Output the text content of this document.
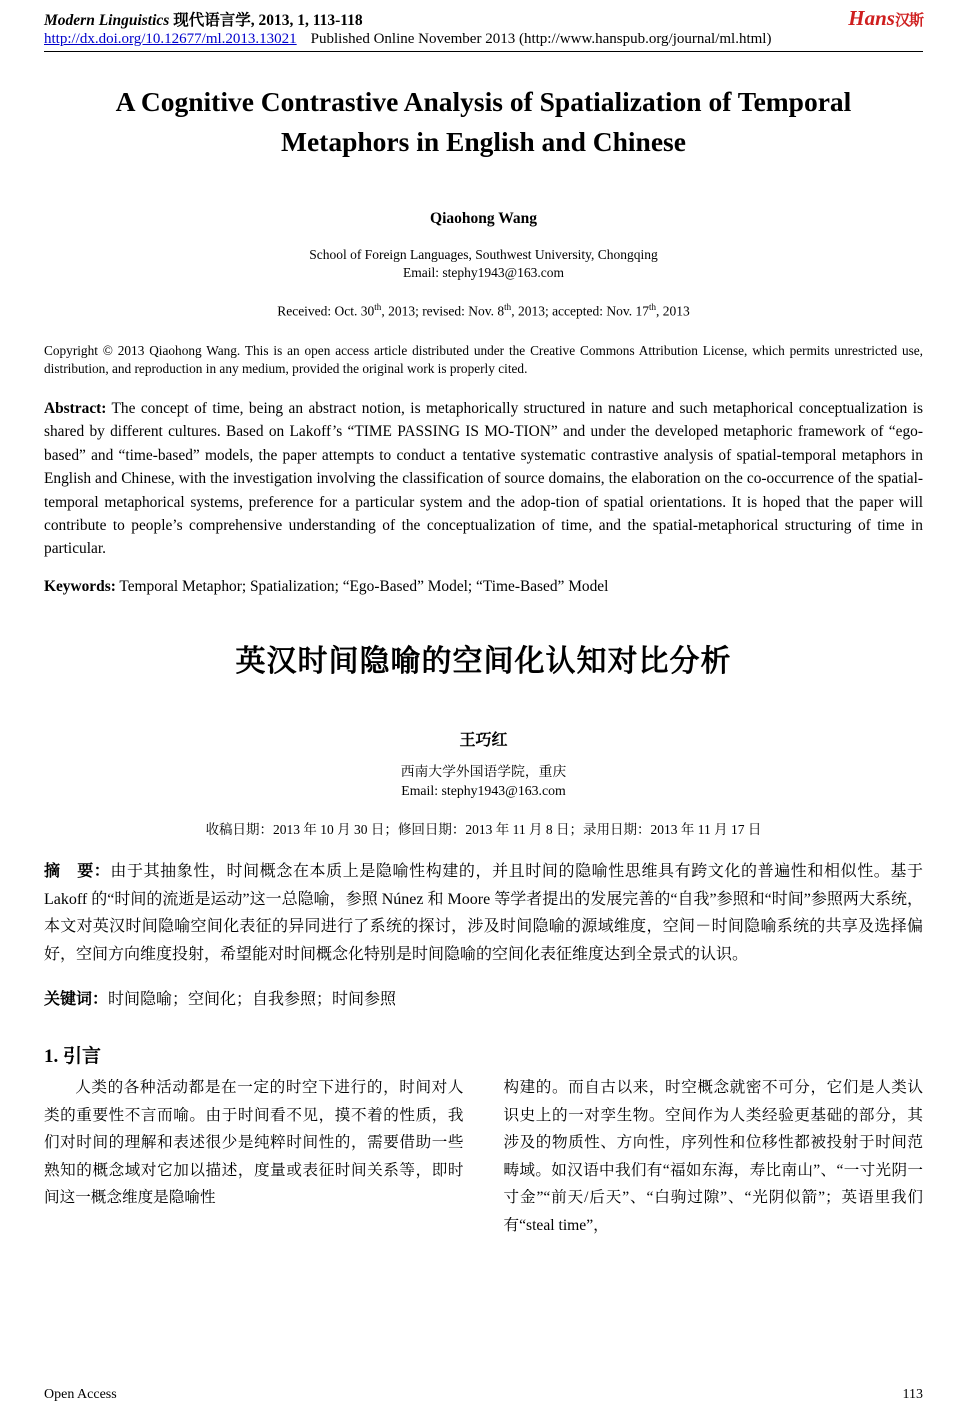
Modern Linguistics 现代语言学, 2013, 1, 113-118	Hans汉斯
http://dx.doi.org/10.12677/ml.2013.13021 Published Online November 2013 (http://www.hanspub.org/journal/ml.html)
A Cognitive Contrastive Analysis of Spatialization of Temporal Metaphors in English and Chinese
Qiaohong Wang
School of Foreign Languages, Southwest University, Chongqing
Email: stephy1943@163.com
Received: Oct. 30th, 2013; revised: Nov. 8th, 2013; accepted: Nov. 17th, 2013
Copyright © 2013 Qiaohong Wang. This is an open access article distributed under the Creative Commons Attribution License, which permits unrestricted use, distribution, and reproduction in any medium, provided the original work is properly cited.
Abstract: The concept of time, being an abstract notion, is metaphorically structured in nature and such metaphorical conceptualization is shared by different cultures. Based on Lakoff’s “TIME PASSING IS MO-TION” and under the developed metaphoric framework of “ego-based” and “time-based” models, the paper attempts to conduct a tentative systematic contrastive analysis of spatial-temporal metaphors in English and Chinese, with the investigation involving the classification of source domains, the elaboration on the co-occurrence of the spatial-temporal metaphorical systems, preference for a particular system and the adop-tion of spatial orientations. It is hoped that the paper will contribute to people’s comprehensive understanding of the conceptualization of time, and the spatial-metaphorical structuring of time in particular.
Keywords: Temporal Metaphor; Spatialization; “Ego-Based” Model; “Time-Based” Model
英汉时间隐喻的空间化认知对比分析
王巧红
西南大学外国语学院，重庆
Email: stephy1943@163.com
收稿日期：2013 年 10 月 30 日；修回日期：2013 年 11 月 8 日；录用日期：2013 年 11 月 17 日
摘　要：由于其抽象性，时间概念在本质上是隐喻性构建的，并且时间的隐喻性思维具有跨文化的普遍性和相似性。基于 Lakoff 的“时间的流逝是运动”这一总隐喻，参照 Núnez 和 Moore 等学者提出的发展完善的“自我”参照和“时间”参照两大系统，本文对英汉时间隐喻空间化表征的异同进行了系统的探讨，涉及时间隐喻的源域维度，空间－时间隐喻系统的共享及选择偏好，空间方向维度投射，希望能对时间概念化特别是时间隐喻的空间化表征维度达到全景式的认识。
关键词：时间隐喻；空间化；自我参照；时间参照
1. 引言

人类的各种活动都是在一定的时空下进行的，时间对人类的重要性不言而喻。由于时间看不见，摸不着的性质，我们对时间的理解和表述很少是纯粹时间性的，需要借助一些熟知的概念域对它加以描述，度量或表征时间关系等，即时间这一概念维度是隐喻性

构建的。而自古以来，时空概念就密不可分，它们是人类认识史上的一对孪生物。空间作为人类经验更基础的部分，其涉及的物质性、方向性，序列性和位移性都被投射于时间范畴域。如汉语中我们有“福如东海，寿比南山”、“一寸光阴一寸金”“前天/后天”、“白驹过隙”、“光阴似箭”；英语里我们有“steal time”，

Open Access	113
